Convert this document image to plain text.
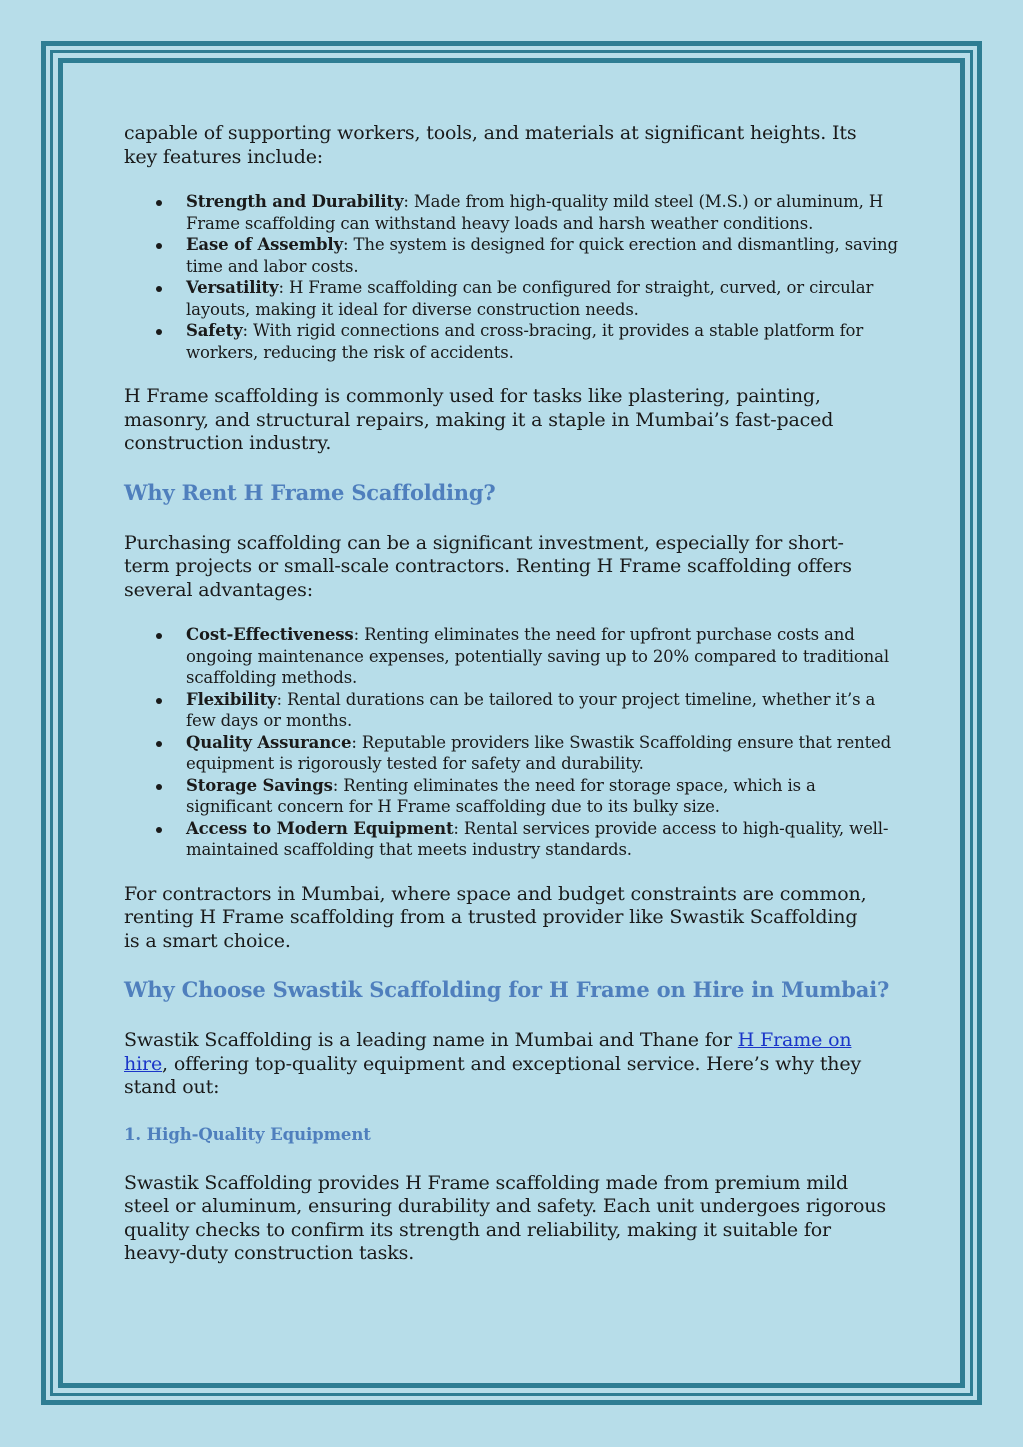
capable of supporting workers, tools, and materials at significant heights. Its key features include:

Strength and Durability: Made from high-quality mild steel (M.S.) or aluminum, H Frame scaffolding can withstand heavy loads and harsh weather conditions.
Ease of Assembly: The system is designed for quick erection and dismantling, saving time and labor costs.
Versatility: H Frame scaffolding can be configured for straight, curved, or circular layouts, making it ideal for diverse construction needs.
Safety: With rigid connections and cross-bracing, it provides a stable platform for workers, reducing the risk of accidents.

H Frame scaffolding is commonly used for tasks like plastering, painting, masonry, and structural repairs, making it a staple in Mumbai’s fast-paced construction industry.

Why Rent H Frame Scaffolding?

Purchasing scaffolding can be a significant investment, especially for short-term projects or small-scale contractors. Renting H Frame scaffolding offers several advantages:

Cost-Effectiveness: Renting eliminates the need for upfront purchase costs and ongoing maintenance expenses, potentially saving up to 20% compared to traditional scaffolding methods.
Flexibility: Rental durations can be tailored to your project timeline, whether it’s a few days or months.
Quality Assurance: Reputable providers like Swastik Scaffolding ensure that rented equipment is rigorously tested for safety and durability.
Storage Savings: Renting eliminates the need for storage space, which is a significant concern for H Frame scaffolding due to its bulky size.
Access to Modern Equipment: Rental services provide access to high-quality, well-maintained scaffolding that meets industry standards.

For contractors in Mumbai, where space and budget constraints are common, renting H Frame scaffolding from a trusted provider like Swastik Scaffolding is a smart choice.

Why Choose Swastik Scaffolding for H Frame on Hire in Mumbai?

Swastik Scaffolding is a leading name in Mumbai and Thane for H Frame on hire, offering top-quality equipment and exceptional service. Here’s why they stand out:

1. High-Quality Equipment

Swastik Scaffolding provides H Frame scaffolding made from premium mild steel or aluminum, ensuring durability and safety. Each unit undergoes rigorous quality checks to confirm its strength and reliability, making it suitable for heavy-duty construction tasks.
